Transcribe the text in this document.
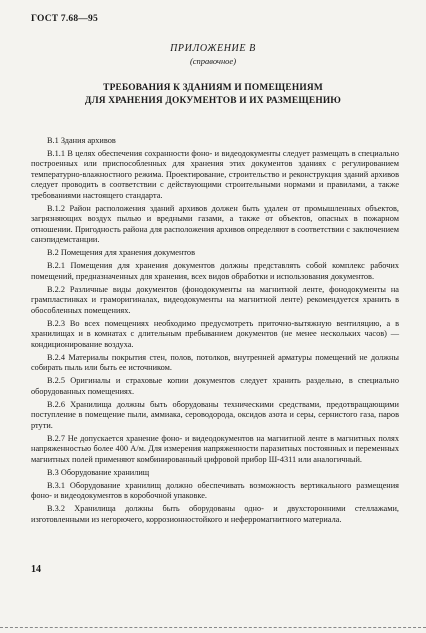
ГОСТ 7.68—95
ПРИЛОЖЕНИЕ В
(справочное)
ТРЕБОВАНИЯ К ЗДАНИЯМ И ПОМЕЩЕНИЯМ
ДЛЯ ХРАНЕНИЯ ДОКУМЕНТОВ И ИХ РАЗМЕЩЕНИЮ

В.1 Здания архивов

В.1.1 В целях обеспечения сохранности фоно- и видеодокументы следует размещать в специально построенных или приспособленных для хранения этих документов зданиях с регулированием температурно-влажностного режима. Проектирование, строительство и реконструкция зданий архивов следует проводить в соответствии с действующими строительными нормами и правилами, а также требованиями настоящего стандарта.

В.1.2 Район расположения зданий архивов должен быть удален от промышленных объектов, загрязняющих воздух пылью и вредными газами, а также от объектов, опасных в пожарном отношении. Пригодность района для расположения архивов определяют в соответствии с заключением санэпидемстанции.

В.2 Помещения для хранения документов

В.2.1 Помещения для хранения документов должны представлять собой комплекс рабочих помещений, предназначенных для хранения, всех видов обработки и использования документов.

В.2.2 Различные виды документов (фонодокументы на магнитной ленте, фонодокументы на грампластинках и граморигиналах, видеодокументы на магнитной ленте) рекомендуется хранить в обособленных помещениях.

В.2.3 Во всех помещениях необходимо предусмотреть приточно-вытяжную вентиляцию, а в хранилищах и в комнатах с длительным пребыванием документов (не менее нескольких часов) — кондиционирование воздуха.

В.2.4 Материалы покрытия стен, полов, потолков, внутренней арматуры помещений не должны собирать пыль или быть ее источником.

В.2.5 Оригиналы и страховые копии документов следует хранить раздельно, в специально оборудованных помещениях.

В.2.6 Хранилища должны быть оборудованы техническими средствами, предотвращающими поступление в помещение пыли, аммиака, сероводорода, оксидов азота и серы, сернистого газа, паров ртути.

В.2.7 Не допускается хранение фоно- и видеодокументов на магнитной ленте в магнитных полях напряженностью более 400 А/м. Для измерения напряженности паразитных постоянных и переменных магнитных полей применяют комбинированный цифровой прибор Ш-4311 или аналогичный.

В.3 Оборудование хранилищ

В.3.1 Оборудование хранилищ должно обеспечивать возможность вертикального размещения фоно- и видеодокументов в коробочной упаковке.

В.3.2 Хранилища должны быть оборудованы одно- и двухсторонними стеллажами, изготовленными из негорючего, коррозионностойкого и неферромагнитного материала.

14
